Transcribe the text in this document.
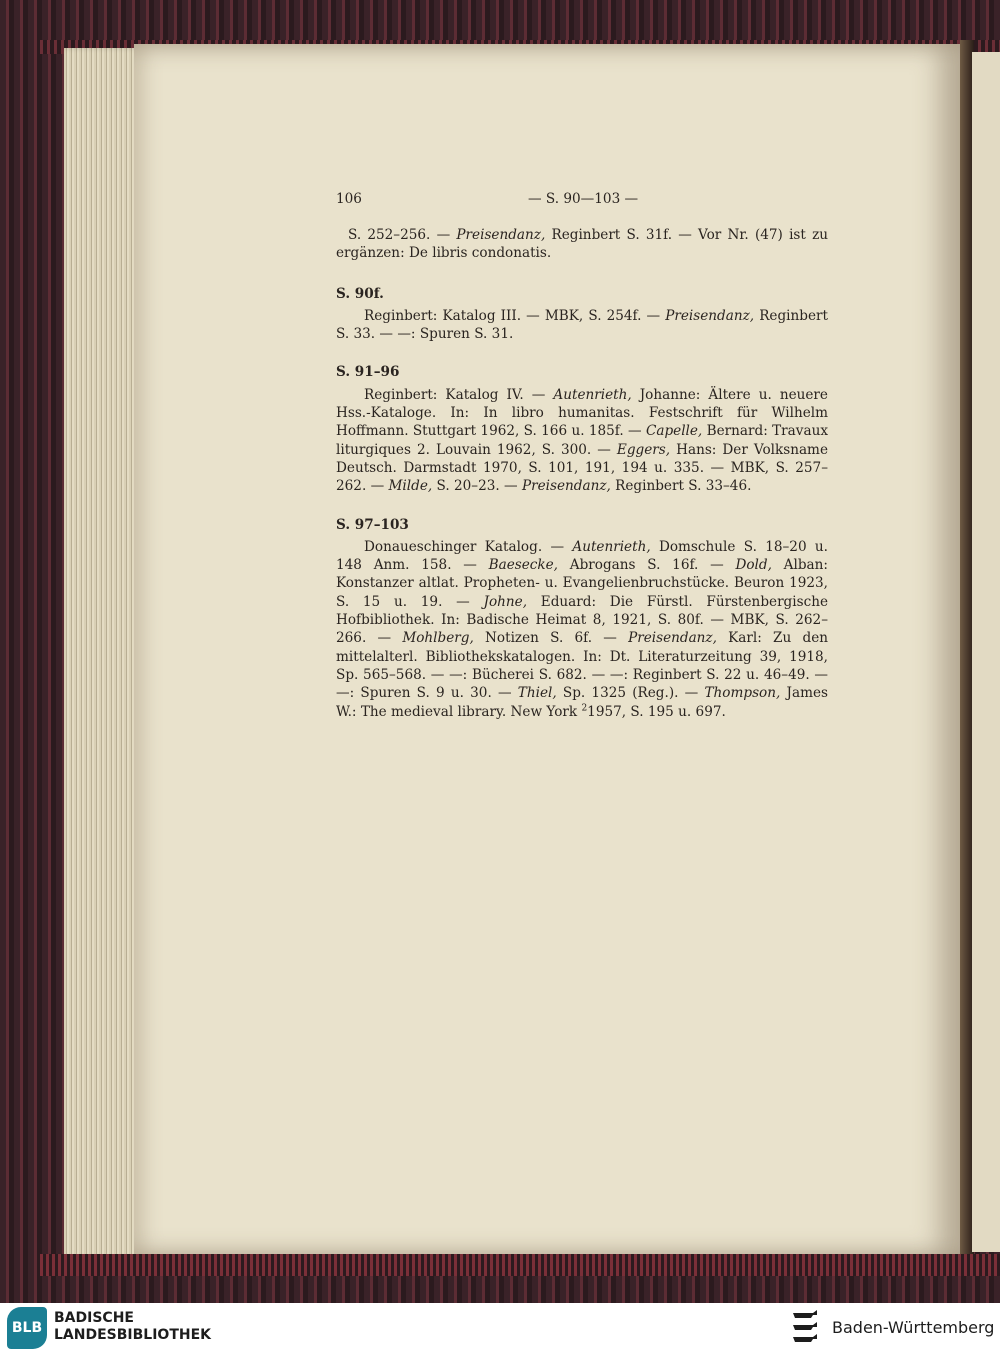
106	— S. 90—103 —

S. 252–256. — Preisendanz, Reginbert S. 31f. — Vor Nr. (47) ist zu ergänzen: De libris condonatis.

S. 90f.

Reginbert: Katalog III. — MBK, S. 254f. — Preisendanz, Reginbert S. 33. — —: Spuren S. 31.

S. 91–96

Reginbert: Katalog IV. — Autenrieth, Johanne: Ältere u. neuere Hss.-Kataloge. In: In libro humanitas. Festschrift für Wilhelm Hoffmann. Stuttgart 1962, S. 166 u. 185f. — Capelle, Bernard: Travaux liturgiques 2. Louvain 1962, S. 300. — Eggers, Hans: Der Volksname Deutsch. Darmstadt 1970, S. 101, 191, 194 u. 335. — MBK, S. 257–262. — Milde, S. 20–23. — Preisendanz, Reginbert S. 33–46.

S. 97–103

Donaueschinger Katalog. — Autenrieth, Domschule S. 18–20 u. 148 Anm. 158. — Baesecke, Abrogans S. 16f. — Dold, Alban: Konstanzer altlat. Propheten- u. Evangelienbruchstücke. Beuron 1923, S. 15 u. 19. — Johne, Eduard: Die Fürstl. Fürstenbergische Hofbibliothek. In: Badische Heimat 8, 1921, S. 80f. — MBK, S. 262–266. — Mohlberg, Notizen S. 6f. — Preisendanz, Karl: Zu den mittelalterl. Bibliothekskatalogen. In: Dt. Literaturzeitung 39, 1918, Sp. 565–568. — —: Bücherei S. 682. — —: Reginbert S. 22 u. 46–49. — —: Spuren S. 9 u. 30. — Thiel, Sp. 1325 (Reg.). — Thompson, James W.: The medieval library. New York $^2$1957, S. 195 u. 697.

BLB
BADISCHE
LANDESBIBLIOTHEK	Baden-Württemberg
